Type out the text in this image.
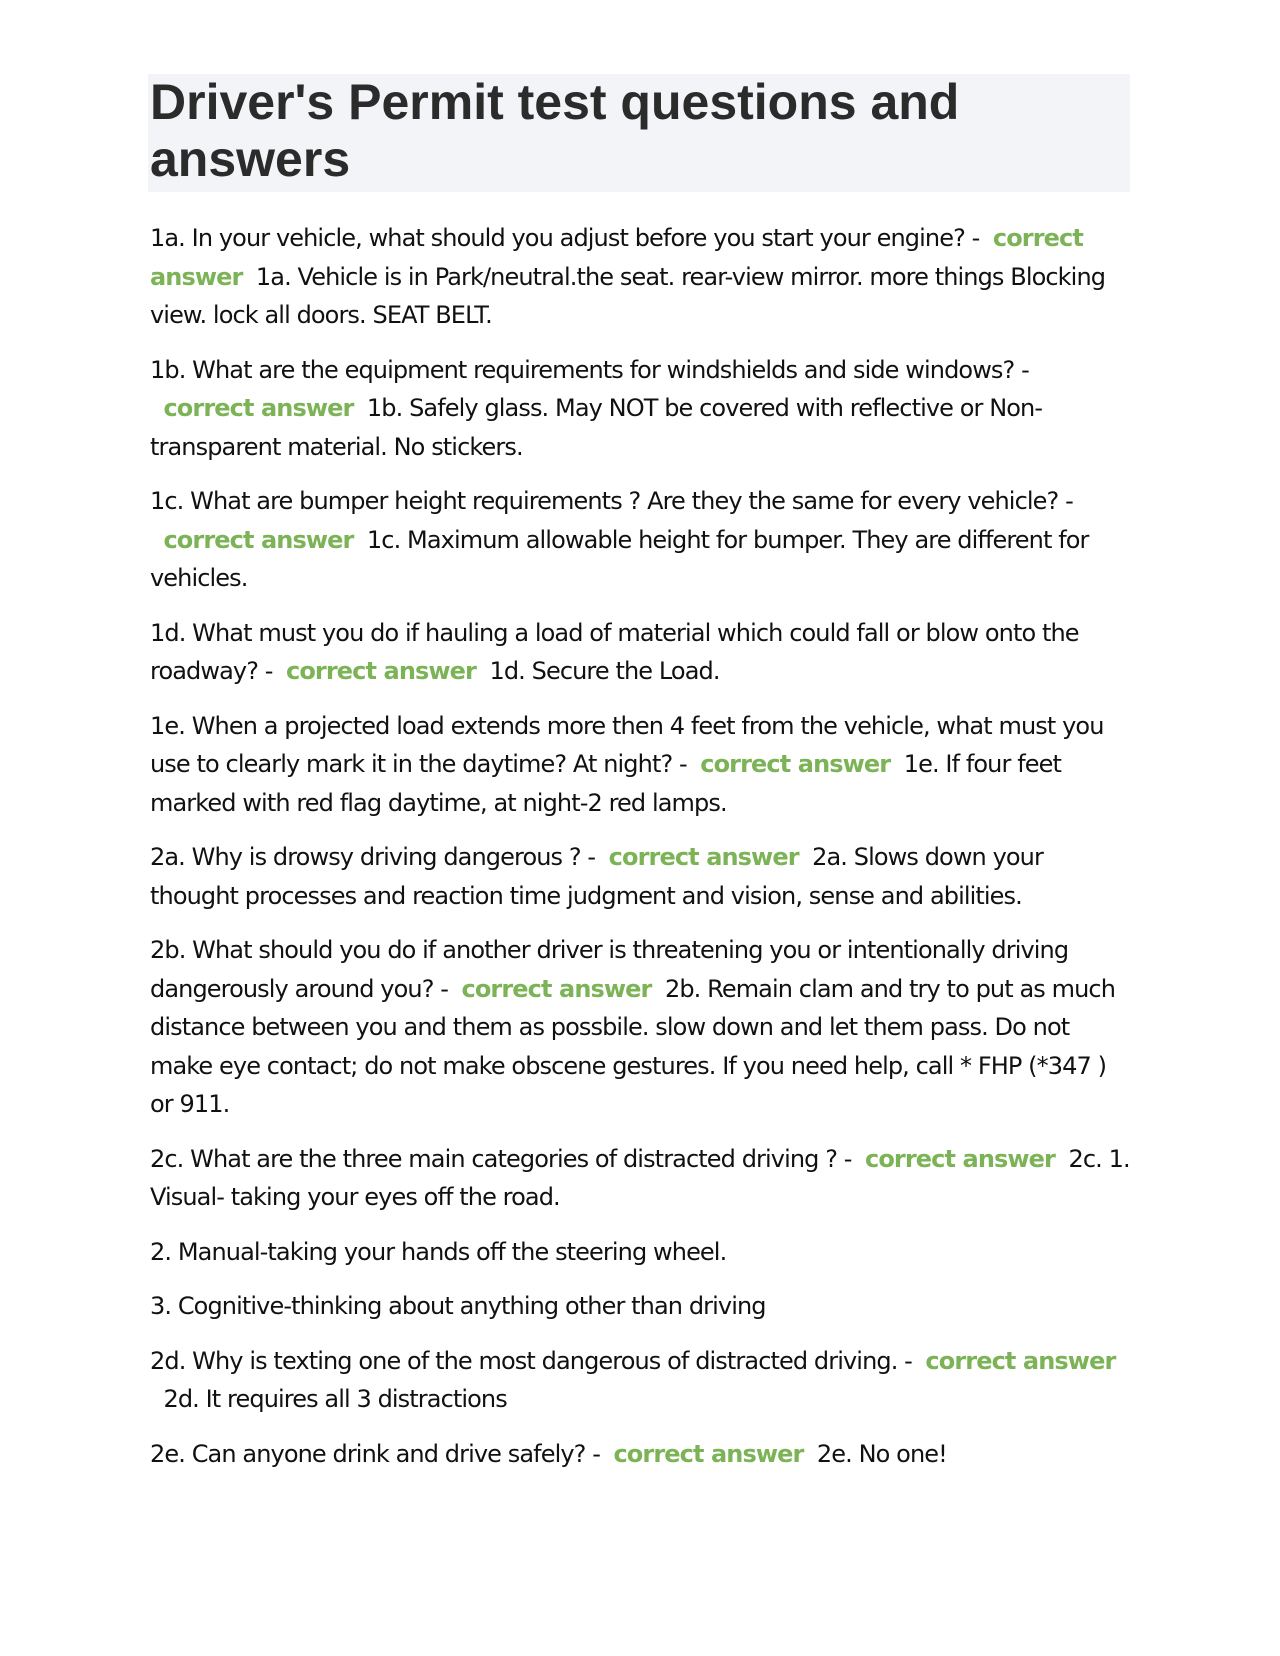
Driver's Permit test questions and answers

1a. In your vehicle, what should you adjust before you start your engine? - correct answer 1a. Vehicle is in Park/neutral.the seat. rear-view mirror. more things Blocking view. lock all doors. SEAT BELT.

1b. What are the equipment requirements for windshields and side windows? -  correct answer 1b. Safely glass. May NOT be covered with reflective or Non-transparent material. No stickers.

1c. What are bumper height requirements ? Are they the same for every vehicle? -  correct answer 1c. Maximum allowable height for bumper. They are different for vehicles.

1d. What must you do if hauling a load of material which could fall or blow onto the roadway? - correct answer 1d. Secure the Load.

1e. When a projected load extends more then 4 feet from the vehicle, what must you use to clearly mark it in the daytime? At night? - correct answer 1e. If four feet marked with red flag daytime, at night-2 red lamps.

2a. Why is drowsy driving dangerous ? - correct answer 2a. Slows down your thought processes and reaction time judgment and vision, sense and abilities.

2b. What should you do if another driver is threatening you or intentionally driving dangerously around you? - correct answer 2b. Remain clam and try to put as much distance between you and them as possbile. slow down and let them pass. Do not make eye contact; do not make obscene gestures. If you need help, call * FHP (*347 ) or 911.

2c. What are the three main categories of distracted driving ? - correct answer 2c. 1. Visual- taking your eyes off the road.

2. Manual-taking your hands off the steering wheel.

3. Cognitive-thinking about anything other than driving

2d. Why is texting one of the most dangerous of distracted driving. - correct answer  2d. It requires all 3 distractions

2e. Can anyone drink and drive safely? - correct answer 2e. No one!
